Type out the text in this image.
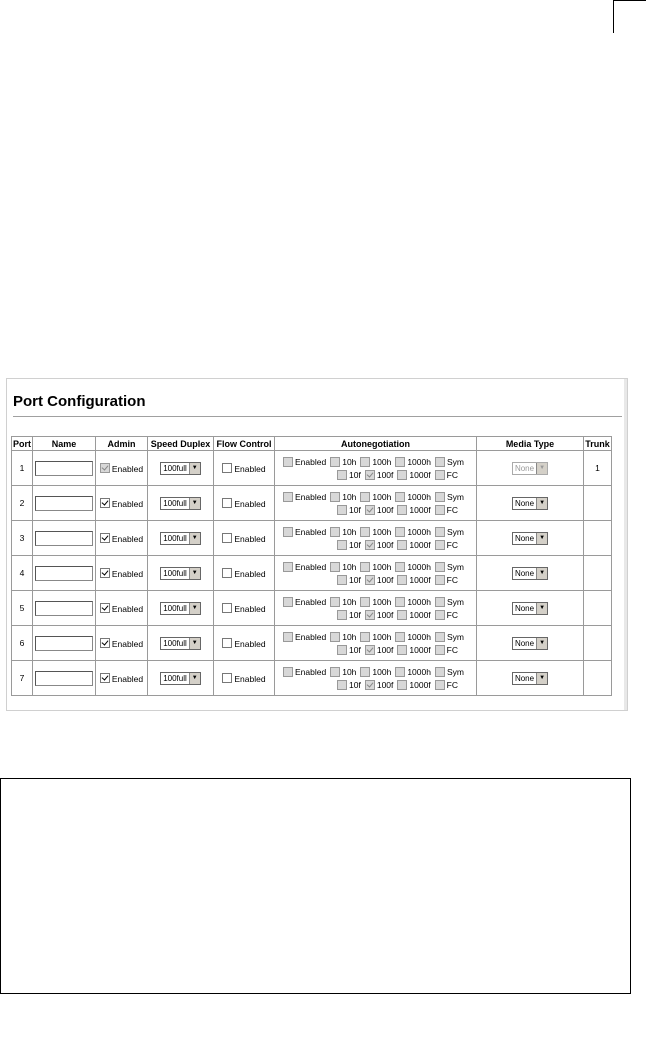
Port Configuration
Port	Name	Admin	Speed Duplex	Flow Control	Autonegotiation	Media Type	Trunk
1		Enabled	100full ▼	Enabled	Enabled 10h 100h 1000h Sym
10f 100f 1000f FC	None ▼	1
2		Enabled	100full ▼	Enabled	Enabled 10h 100h 1000h Sym
10f 100f 1000f FC	None ▼	

3		Enabled	100full ▼	Enabled	Enabled 10h 100h 1000h Sym
10f 100f 1000f FC	None ▼	

4		Enabled	100full ▼	Enabled	Enabled 10h 100h 1000h Sym
10f 100f 1000f FC	None ▼	

5		Enabled	100full ▼	Enabled	Enabled 10h 100h 1000h Sym
10f 100f 1000f FC	None ▼	

6		Enabled	100full ▼	Enabled	Enabled 10h 100h 1000h Sym
10f 100f 1000f FC	None ▼	

7		Enabled	100full ▼	Enabled	Enabled 10h 100h 1000h Sym
10f 100f 1000f FC	None ▼	
